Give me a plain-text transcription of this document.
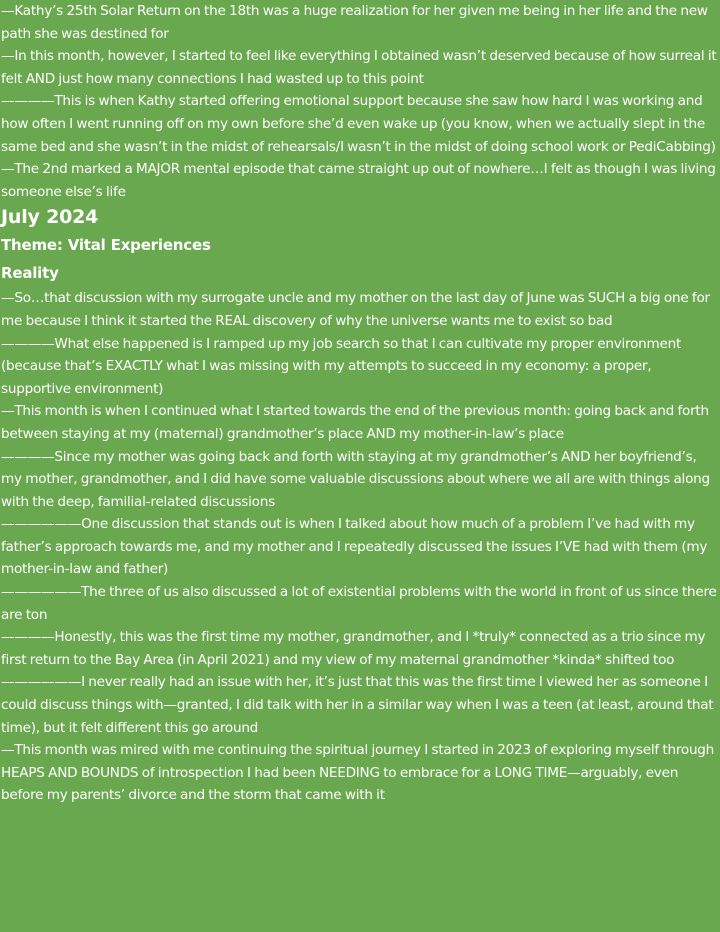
—Kathy’s 25th Solar Return on the 18th was a huge realization for her given me being in her life and the new path she was destined for

—In this month, however, I started to feel like everything I obtained wasn’t deserved because of how surreal it felt AND just how many connections I had wasted up to this point

————This is when Kathy started offering emotional support because she saw how hard I was working and how often I went running off on my own before she’d even wake up (you know, when we actually slept in the same bed and she wasn’t in the midst of rehearsals/I wasn’t in the midst of doing school work or PediCabbing)

—The 2nd marked a MAJOR mental episode that came straight up out of nowhere…I felt as though I was living someone else’s life

July 2024
Theme: Vital Experiences
Reality

—So…that discussion with my surrogate uncle and my mother on the last day of June was SUCH a big one for me because I think it started the REAL discovery of why the universe wants me to exist so bad

————What else happened is I ramped up my job search so that I can cultivate my proper environment (because that’s EXACTLY what I was missing with my attempts to succeed in my economy: a proper, supportive environment)

—This month is when I continued what I started towards the end of the previous month: going back and forth between staying at my (maternal) grandmother’s place AND my mother-in-law’s place

————Since my mother was going back and forth with staying at my grandmother’s AND her boyfriend’s, my mother, grandmother, and I did have some valuable discussions about where we all are with things along with the deep, familial-related discussions

——————One discussion that stands out is when I talked about how much of a problem I’ve had with my father’s approach towards me, and my mother and I repeatedly discussed the issues I’VE had with them (my mother-in-law and father)

——————The three of us also discussed a lot of existential problems with the world in front of us since there are ton

————Honestly, this was the first time my mother, grandmother, and I *truly* connected as a trio since my first return to the Bay Area (in April 2021) and my view of my maternal grandmother *kinda* shifted too

——————I never really had an issue with her, it’s just that this was the first time I viewed her as someone I could discuss things with—granted, I did talk with her in a similar way when I was a teen (at least, around that time), but it felt different this go around

—This month was mired with me continuing the spiritual journey I started in 2023 of exploring myself through HEAPS AND BOUNDS of introspection I had been NEEDING to embrace for a LONG TIME—arguably, even before my parents’ divorce and the storm that came with it
